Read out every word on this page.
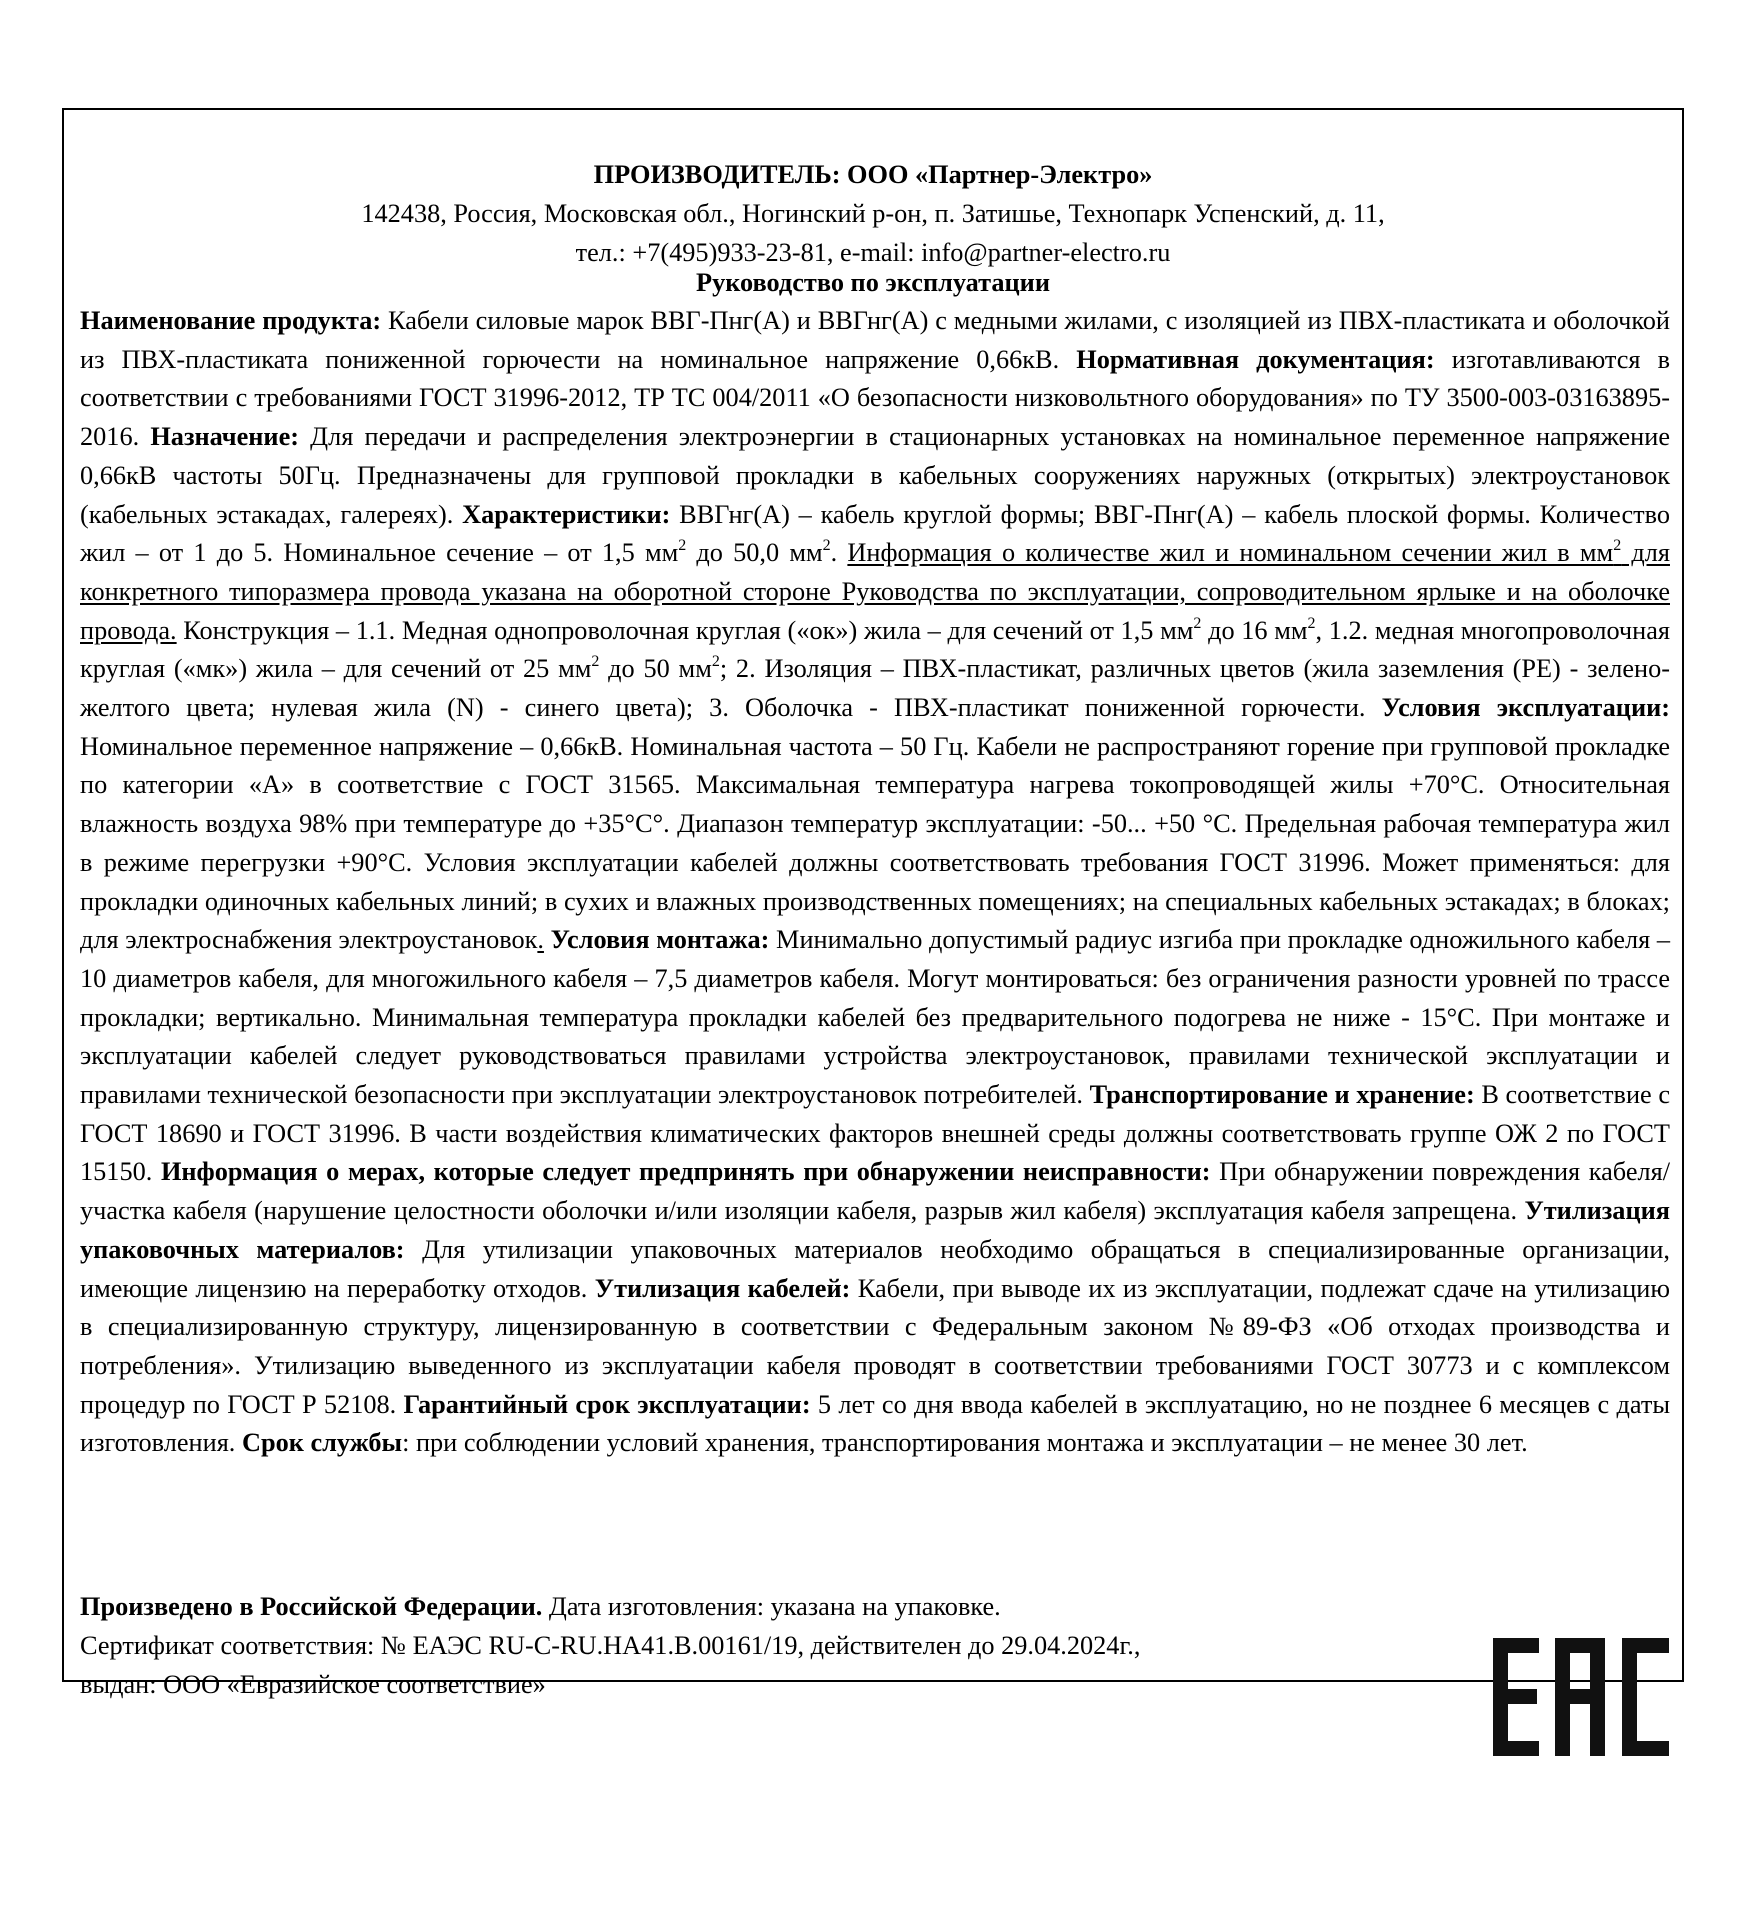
ПРОИЗВОДИТЕЛЬ: ООО «Партнер-Электро»
142438, Россия, Московская обл., Ногинский р-он, п. Затишье, Технопарк Успенский, д. 11,
тел.: +7(495)933-23-81, e-mail: info@partner-electro.ru
Руководство по эксплуатации
Наименование продукта: Кабели силовые марок ВВГ-Пнг(А) и ВВГнг(А) с медными жилами, с изоляцией из ПВХ-пластиката и оболочкой из ПВХ-пластиката пониженной горючести на номинальное напряжение 0,66кВ. Нормативная документация: изготавливаются в соответствии с требованиями ГОСТ 31996-2012, ТР ТС 004/2011 «О безопасности низковольтного оборудования» по ТУ 3500-003-03163895-2016. Назначение: Для передачи и распределения электроэнергии в стационарных установках на номинальное переменное напряжение 0,66кВ частоты 50Гц. Предназначены для групповой прокладки в кабельных сооружениях наружных (открытых) электроустановок (кабельных эстакадах, галереях). Характеристики: ВВГнг(А) – кабель круглой формы; ВВГ-Пнг(А) – кабель плоской формы. Количество жил – от 1 до 5. Номинальное сечение – от 1,5 $мм^2$ до 50,0 $мм^2$. Информация о количестве жил и номинальном сечении жил в $мм^2$ для конкретного типоразмера провода указана на оборотной стороне Руководства по эксплуатации, сопроводительном ярлыке и на оболочке провода. Конструкция – 1.1. Медная однопроволочная круглая («ок») жила – для сечений от 1,5 $мм^2$ до 16 $мм^2$, 1.2. медная многопроволочная круглая («мк») жила – для сечений от 25 $мм^2$ до 50 $мм^2$; 2. Изоляция – ПВХ-пластикат, различных цветов (жила заземления (РЕ) - зелено-желтого цвета; нулевая жила (N) - синего цвета); 3. Оболочка - ПВХ-пластикат пониженной горючести. Условия эксплуатации: Номинальное переменное напряжение – 0,66кВ. Номинальная частота – 50 Гц. Кабели не распространяют горение при групповой прокладке по категории «А» в соответствие с ГОСТ 31565. Максимальная температура нагрева токопроводящей жилы +70°С. Относительная влажность воздуха 98% при температуре до +35°С°. Диапазон температур эксплуатации: -50... +50 °С. Предельная рабочая температура жил в режиме перегрузки +90°С. Условия эксплуатации кабелей должны соответствовать требования ГОСТ 31996. Может применяться: для прокладки одиночных кабельных линий; в сухих и влажных производственных помещениях; на специальных кабельных эстакадах; в блоках; для электроснабжения электроустановок. Условия монтажа: Минимально допустимый радиус изгиба при прокладке одножильного кабеля – 10 диаметров кабеля, для многожильного кабеля – 7,5 диаметров кабеля. Могут монтироваться: без ограничения разности уровней по трассе прокладки; вертикально. Минимальная температура прокладки кабелей без предварительного подогрева не ниже - 15°С. При монтаже и эксплуатации кабелей следует руководствоваться правилами устройства электроустановок, правилами технической эксплуатации и правилами технической безопасности при эксплуатации электроустановок потребителей. Транспортирование и хранение: В соответствие с ГОСТ 18690 и ГОСТ 31996. В части воздействия климатических факторов внешней среды должны соответствовать группе ОЖ 2 по ГОСТ 15150. Информация о мерах, которые следует предпринять при обнаружении неисправности: При обнаружении повреждения кабеля/участка кабеля (нарушение целостности оболочки и/или изоляции кабеля, разрыв жил кабеля) эксплуатация кабеля запрещена. Утилизация упаковочных материалов: Для утилизации упаковочных материалов необходимо обращаться в специализированные организации, имеющие лицензию на переработку отходов. Утилизация кабелей: Кабели, при выводе их из эксплуатации, подлежат сдаче на утилизацию в специализированную структуру, лицензированную в соответствии с Федеральным законом №89-ФЗ «Об отходах производства и потребления». Утилизацию выведенного из эксплуатации кабеля проводят в соответствии требованиями ГОСТ 30773 и с комплексом процедур по ГОСТ Р 52108. Гарантийный срок эксплуатации: 5 лет со дня ввода кабелей в эксплуатацию, но не позднее 6 месяцев с даты изготовления. Срок службы: при соблюдении условий хранения, транспортирования монтажа и эксплуатации – не менее 30 лет.
Произведено в Российской Федерации. Дата изготовления: указана на упаковке.
Сертификат соответствия: № ЕАЭС RU-C-RU.НА41.В.00161/19, действителен до 29.04.2024г.,
выдан: ООО «Евразийское соответствие»
